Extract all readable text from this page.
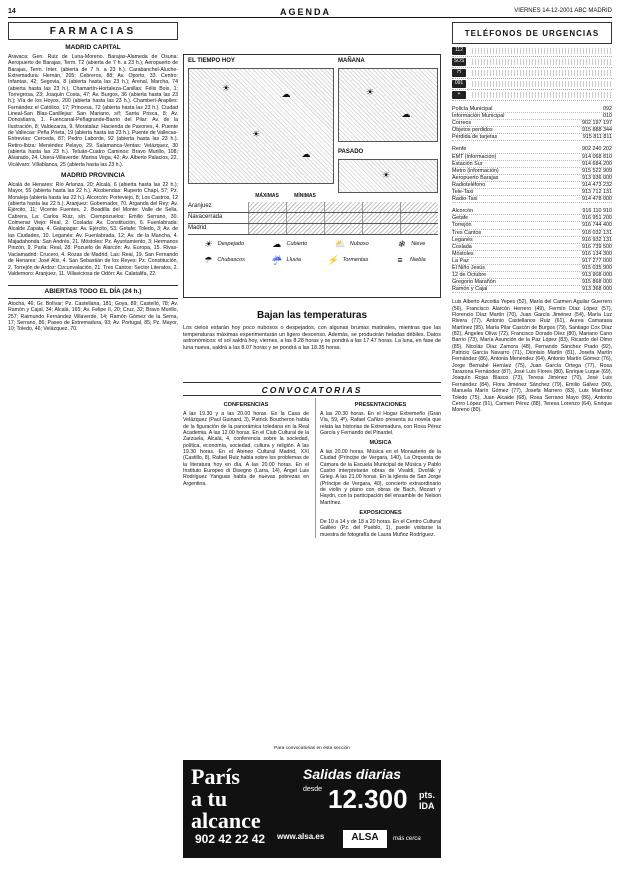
14	AGENDA	VIERNES 14-12-2001 ABC MADRID
FARMACIAS
MADRID CAPITAL
Aravaca: Gen. Ruiz de Luna-Moreno. Barajas-Alameda de Osuna: Aeropuerto de Barajas, Term. T2 (abierta de 7 h. a 23 h.); Aeropuerto de Barajas, Term. Inter. (abierta de 7 h. a 23 h.). Carabanchel-Aluche-Extremadura: Hernán, 205; Cebreros, 88; Av. Oporto, 33. Centro: Infantas, 42; Segovia, 8 (abierta hasta las 23 h.); Arenal, Marcha, 74 (abierta hasta las 23 h.). Chamartín-Hortaleza-Canillas: Félix Boix, 1; Torregrosa, 23; Joaquín Costa, 47; Av. Burgos, 36 (abierta hasta las 23 h.); Vía de los Hoyos, 200 (abierta hasta las 23 h.). Chamberí-Arapiles: Fernández el Católico, 17; Princesa, 72 (abierta hasta las 23 h.). Ciudad Lineal-San Blas-Canillejas: San Mariano, s/f; Santa Prisca, 8; Av. Donostiarra, 1. Fuencarral-Peñagrande-Barrio del Pilar: Av. de la Ilustración, 8; Valdezarza, 9. Moratalaz: Hacienda de Pavones, 4. Puente de Vallecas: Peña Prieta, 19 (abierta hasta las 23 h.). Puente de Vallecas-Entrevías: Cerceda, 87; Pedro Laborde, 92 (abierta hasta las 23 h.). Retiro-Ibiza: Menéndez Pelayo, 29. Salamanca-Ventas: Velázquez, 30 (abierta hasta las 23 h.). Tetuán-Cuatro Caminos: Bravo Murillo, 108; Alvarado, 24. Usera-Villaverde: Marina Vega, 42; Av. Alberto Palacios, 22. Vicálvaro: Villablanca, 25 (abierta hasta las 23 h.).
MADRID PROVINCIA
Alcalá de Henares: Río Arlanza, 20; Alcalá, 6 (abierta hasta las 22 h.); Mayor, 55 (abierta hasta las 22 h.). Alcobendas: Ruperto Chapí, 57; Pz. Moraleja (abierta hasta las 22 h.). Alcorcón: Porteviejo, 8; Los Castros, 12 (abierta hasta las 22 h.). Aranjuez: Gobernador, 70. Arganda del Rey: Av. Ejército, 11; Vicente Fuentes, 2. Boadilla del Monte: Valle de Sella. Cabrera, La: Carlos Ruiz, s/n. Ciempozuelos: Emilio Serrano, 30. Colmenar Viejo: Real, 2. Coslada: Av. Constitución, 6. Fuenlabrada: Alcalde Zapata, 4. Galapagar: Av. Ejército, 53. Getafe: Toledo, 3; Av. de las Ciudades, 10. Leganés: Av. Fuenlabrada, 12; Av. de la Mancha, 4. Majadahonda: San Andrés, 21. Móstoles: Pz. Ayuntamiento, 3; Hermanos Pinzón, 9. Parla: Real, 28. Pozuelo de Alarcón: Av. Europa, 15. Rivas-Vaciamadrid: Crucero, 4. Rozas de Madrid, Las: Real, 19. San Fernando de Henares: José Alix, 4. San Sebastián de los Reyes: Pz. Constitución, 2. Torrejón de Ardoz: Circunvalación, 21. Tres Cantos: Sector Literatos, 2. Valdemoro: Aranjuez, 11. Villaviciosa de Odón: Av. Calatalifa, 22.
ABIERTAS TODO EL DÍA (24 h.)
Atocha, 46; Gr. Bolívar; Pz. Castellana, 181; Goya, 89; Castelló, 78; Av. Ramón y Cajal, 34; Alcalá, 165; Av. Felipe II, 20; Cruz, 32; Bravo Murillo, 257; Raimundo Fernández Villaverde, 14; Ramón Gómez de la Serna, 17; Serrano, 86; Paseo de Extremadura, 93; Av. Portugal, 85; Pz. Mayor, 10; Toledo, 46; Velázquez, 70.
EL TIEMPO HOY
☀
☁
☀
☁
MAÑANA
☀
☁
PASADO
☀
MÁXIMAS	MÍNIMAS
Aranjuez
Navacerrada
Madrid
☀	Despejado	☁	Cubierto	⛅ Nuboso	❄	Nieve
☂	Chubascos	☔ Lluvia	⚡ Tormentas	≡	Niebla
Bajan las temperaturas
Los cielos estarán hoy poco nubosos o despejados, con algunas brumas matinales, mientras que las temperaturas máximas experimentarán un ligero descenso. Además, se producirán heladas débiles. Datos astronómicos: el sol saldrá hoy, viernes, a las 8.28 horas y se pondrá a las 17.47 horas. La luna, en fase de luna nueva, saldrá a las 8.07 horas y se pondrá a las 18.35 horas.
CONVOCATORIAS
CONFERENCIAS
A las 19.30 y a las 20.00 horas. En la Casa de Velázquez (Paul Guinard, 3), Patrick Boucheron habla de la figuración de la panorámica toledana en la Real Academia. A las 12.00 horas. En el Club Cultural de la Zarzuela, Alcalá, 4, conferencia sobre la sociedad, política, economía, sociedad, cultura y religión. A las 19.30 horas. En el Ateneo Cultural Madrid, XXI (Castillo, 8), Rafael Ruiz habla sobre los problemas de la literatura hoy en día. A las 20.00 horas. En el Instituto Europeo di Disegno (Larra, 14), Ángel Luis Rodríguez Yanguas habla de nuevas pobrezas en Argentina.
PRESENTACIONES
A las 20.30 horas. En el Hogar Extremeño (Gran Vía, 59, 4º), Rafael Cañizo presenta su novela que relata las historias de Extremadura, con Rosa Pérez García y Fernando del Pinardel.
MÚSICA
A las 20.00 horas. Música en el Monasterio de la Ciudad (Príncipe de Vergara, 140), La Orquesta de Cámara de la Escuela Municipal de Música y Pablo Castro interpretarán obras de Vivaldi, Dvořák y Grieg. A las 21.00 horas. En la iglesia de San Jorge (Príncipe de Vergara, 40), concierto extraordinario de violín y piano con obras de Bach, Mozart y Haydn, con la participación del ensamble de Nelson Martínez.
EXPOSICIONES
De 10 a 14 y de 18 a 20 horas. En el Centro Cultural Galileo (Pz. del Pueblo, 1), puede visitarse la muestra de fotografía de Laura Muñoz Rodríguez.
Para convocatorias en esta sección
París
a tu
alcance
902 42 22 42 www.alsa.es
Salidas diarias
desde 12.300 pts.
IDA
ALSA	más cerca
TELÉFONOS DE URGENCIAS
112
SOS
H
091
+
Policía Municipal	092
Información Municipal	010
Correos	902 197 197
Objetos perdidos	915 888 344
Pérdida de tarjetas	915 811 811
Renfe	902 240 202
EMT (información)	914 068 810
Estación Sur	914 684 200
Metro (información)	915 522 909
Aeropuerto Barajas	913 936 000
Radioteléfono	914 473 232
Tele-Taxi	913 712 131
Radio-Taxi	914 478 000
Alcorcón	916 110 910
Getafe	916 951 200
Torrejón	916 744 400
Tres Cantos	918 032 131
Leganés	916 932 131
Coslada	916 739 500
Móstoles	916 134 300
La Paz	917 277 000
El Niño Jesús	915 035 900
12 de Octubre	913 908 000
Gregorio Marañón	915 868 000
Ramón y Cajal	913 368 000
Luis Alberto Azcoitia Yepes (52), María del Carmen Aguilar Guerrero (56), Francisco Alarcón Herrero (49), Fermín Díaz López (57), Florencio Díaz Martín (70), Juan García Jiménez (54), María Luz Rivera (77), Antonio Castellanos Ruiz (61), Aurea Camarasa Martínez (95), María Pilar Cascón de Burgos (79), Santiago Cox Díaz (82), Ángeles Oliva (72), Francisco Dorado Díez (80), Mariano Cano Barrio (73), María Asunción de la Paz López (83), Ricardo del Olmo (85), Nicolás Díaz Zamora (48), Fernando Sánchez Prado (92), Patricio García Navarro (71), Dionisio Martín (81), Josefa Martín Fernández (86), Antonia Menéndez (64), Antonio Martín Gómez (76), Jorge Bernabé Herráez (75), Juan García Ortega (77), Rosa Tarazona Fernández (87), José Luis Flores (80), Enrique Luque (69), Joaquín Rojas Blasco (73), Teresa Jiménez (70), José Luis Fernández (84), Flora Jiménez Sánchez (79), Emilio Gálvez (90), Manuela Marín Gómez (77), Josefa Marrero (83), Luis Martínez Toledo (75), Juan Alcaide (68), Rosa Serrano Mayo (86), Antonio Cerro López (91), Carmen Pérez (88), Teresa Lorenzo (64), Enrique Moreno (80).
